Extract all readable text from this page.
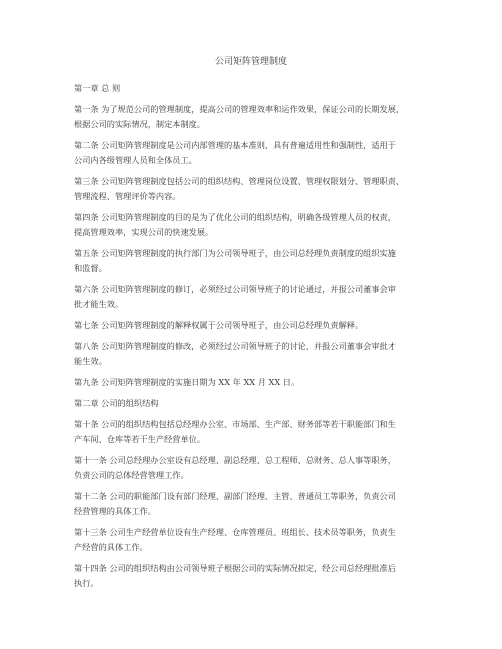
公司矩阵管理制度

第一章 总 则

第一条 为了规范公司的管理制度，提高公司的管理效率和运作效果，保证公司的长期发展，
根据公司的实际情况，制定本制度。

第二条 公司矩阵管理制度是公司内部管理的基本准则，具有普遍适用性和强制性，适用于
公司内各级管理人员和全体员工。

第三条 公司矩阵管理制度包括公司的组织结构、管理岗位设置、管理权限划分、管理职责、
管理流程、管理评价等内容。

第四条 公司矩阵管理制度的目的是为了优化公司的组织结构，明确各级管理人员的权责，
提高管理效率，实现公司的快速发展。

第五条 公司矩阵管理制度的执行部门为公司领导班子，由公司总经理负责制度的组织实施
和监督。

第六条 公司矩阵管理制度的修订，必须经过公司领导班子的讨论通过，并报公司董事会审
批才能生效。

第七条 公司矩阵管理制度的解释权属于公司领导班子，由公司总经理负责解释。

第八条 公司矩阵管理制度的修改，必须经过公司领导班子的讨论，并报公司董事会审批才
能生效。

第九条 公司矩阵管理制度的实施日期为 XX 年 XX 月 XX 日。

第二章 公司的组织结构

第十条 公司的组织结构包括总经理办公室、市场部、生产部、财务部等若干职能部门和生
产车间、仓库等若干生产经营单位。

第十一条 公司总经理办公室设有总经理、副总经理、总工程师、总财务、总人事等职务，
负责公司的总体经营管理工作。

第十二条 公司的职能部门设有部门经理、副部门经理、主管、普通员工等职务，负责公司
经营管理的具体工作。

第十三条 公司生产经营单位设有生产经理、仓库管理员、班组长、技术员等职务，负责生
产经营的具体工作。

第十四条 公司的组织结构由公司领导班子根据公司的实际情况拟定，经公司总经理批准后
执行。
